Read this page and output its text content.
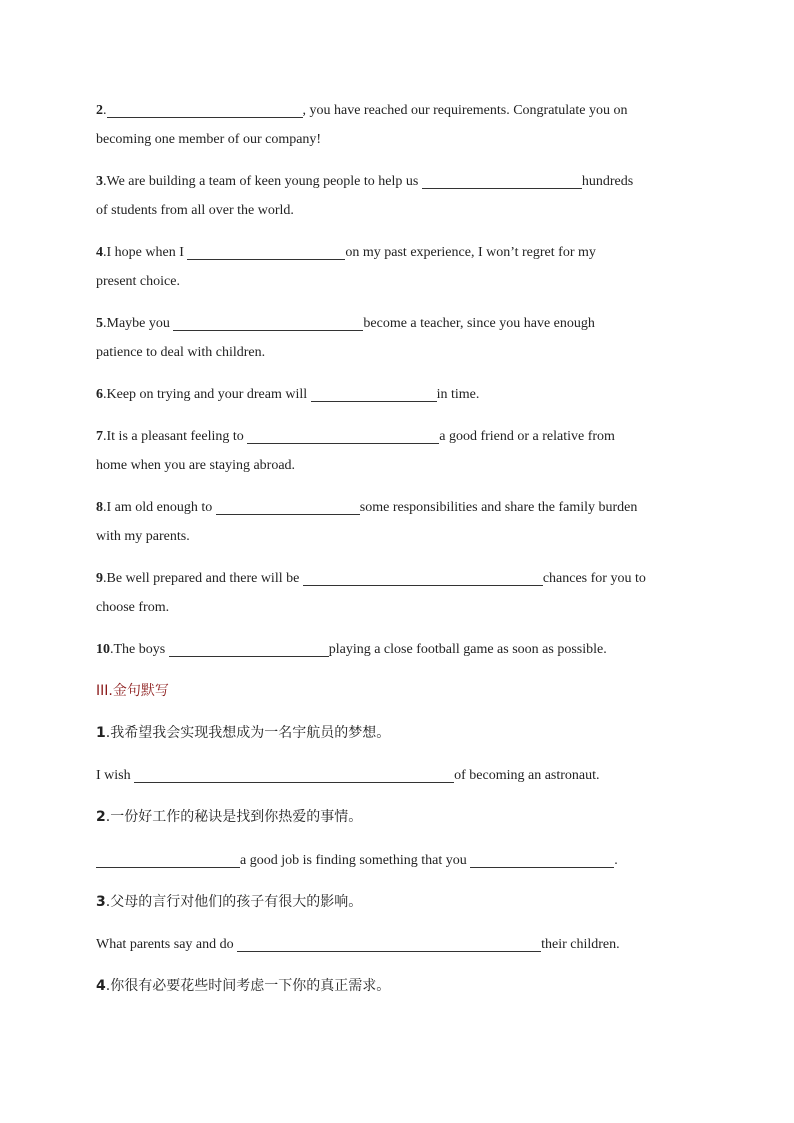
2.	, you have reached our requirements. Congratulate you on
becoming one member of our company!
3.We are building a team of keen young people to help us	hundreds
of students from all over the world.
4.I hope when I	on my past experience, I won’t regret for my
present choice.
5.Maybe you	become a teacher, since you have enough
patience to deal with children.
6.Keep on trying and your dream will	in time.
7.It is a pleasant feeling to	a good friend or a relative from
home when you are staying abroad.
8.I am old enough to	some responsibilities and share the family burden
with my parents.
9.Be well prepared and there will be	chances for you to
choose from.
10.The boys	playing a close football game as soon as possible.
III.金句默写
1.我希望我会实现我想成为一名宇航员的梦想。
I wish	of becoming an astronaut.
2.一份好工作的秘诀是找到你热爱的事情。
a good job is finding something that you	.
3.父母的言行对他们的孩子有很大的影响。
What parents say and do	their children.
4.你很有必要花些时间考虑一下你的真正需求。
